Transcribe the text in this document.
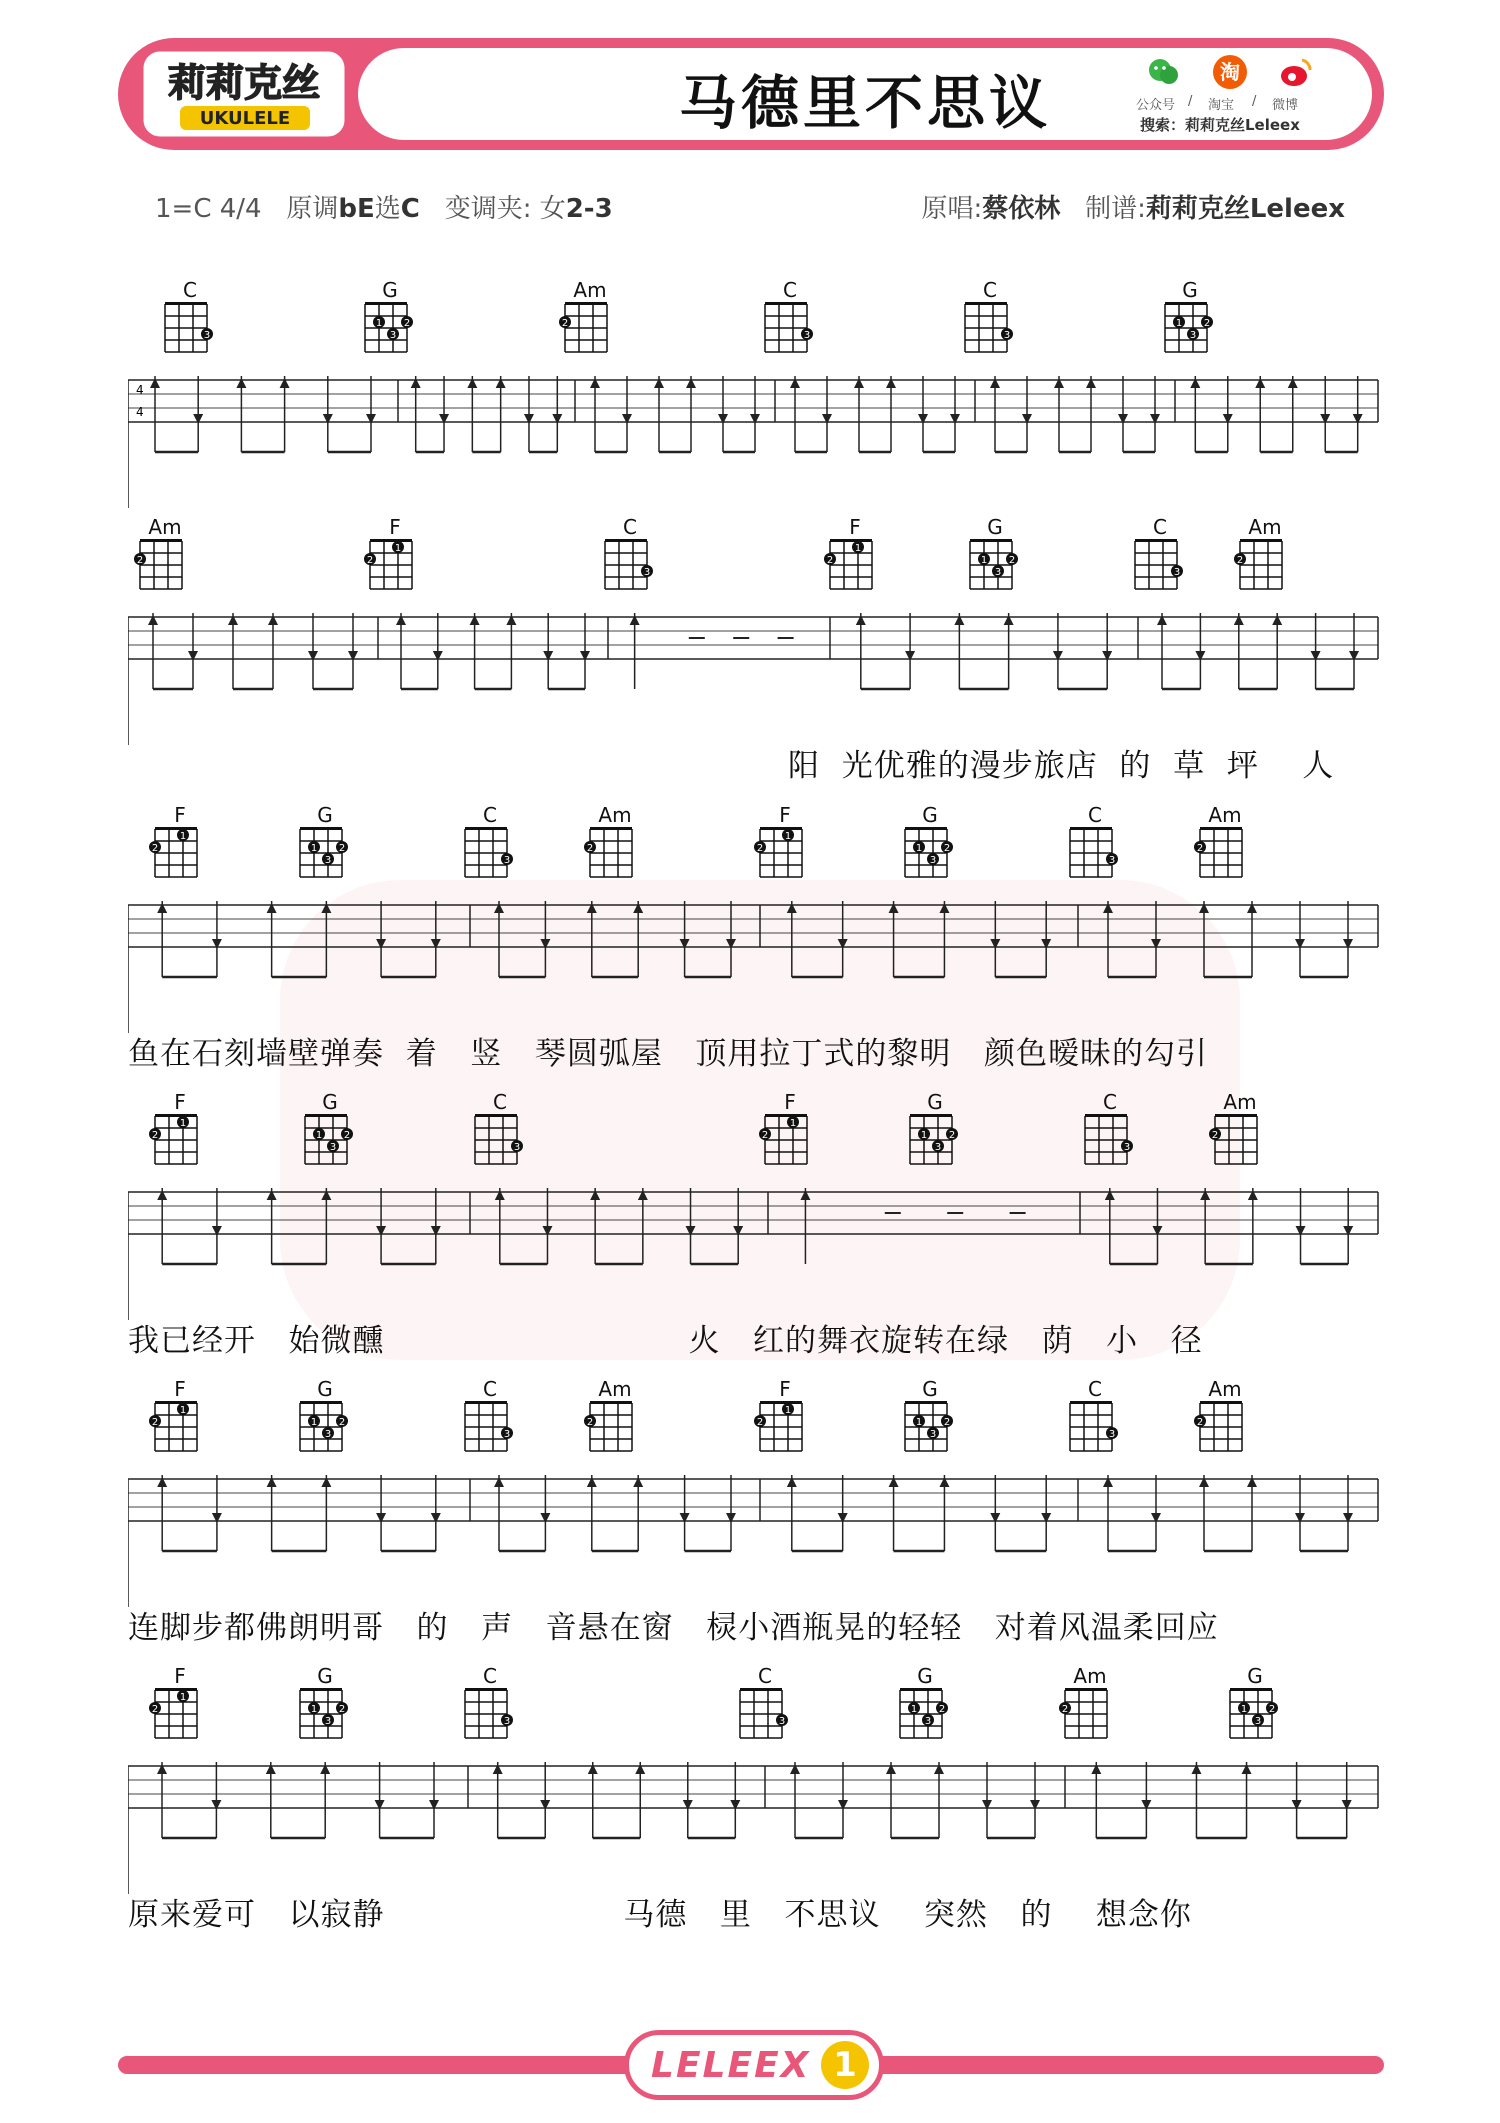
莉莉克丝
UKULELE	马德里不思议	淘
公众号 / 淘宝 / 微博
搜索：莉莉克丝Leleex
1=C 4/4 原调bE选C 变调夹: 女2-3	原唱:蔡依林 制谱:莉莉克丝Leleex
C
3
G
1 2
3
Am
2
C
3
C
3
G
1 2
3
4
4
Am
2
F
2
1
C
3
F
2
1
G
1 2
3
C
3
Am
2
阳  光优雅的漫步旅店  的  草  坪    人
F
2
1
G
1 2
3
C
3
Am
2
F
2
1
G
1 2
3
C
3
Am
2
鱼在石刻墙壁弹奏  着   竖   琴圆弧屋   顶用拉丁式的黎明   颜色暧昧的勾引
F
2
1
G
1 2
3
C
3
F
2
1
G
1 2
3
C
3
Am
2
我已经开   始微醺                            火   红的舞衣旋转在绿   荫   小   径
F
2
1
G
1 2
3
C
3
Am
2
F
2
1
G
1 2
3
C
3
Am
2
连脚步都佛朗明哥   的   声   音悬在窗   棂小酒瓶晃的轻轻   对着风温柔回应
F
2
1
G
1 2
3
C
3
C
3
G
1 2
3
Am
2
G
1 2
3
原来爱可   以寂静                      马德   里   不思议    突然   的    想念你
LELEEX 1
